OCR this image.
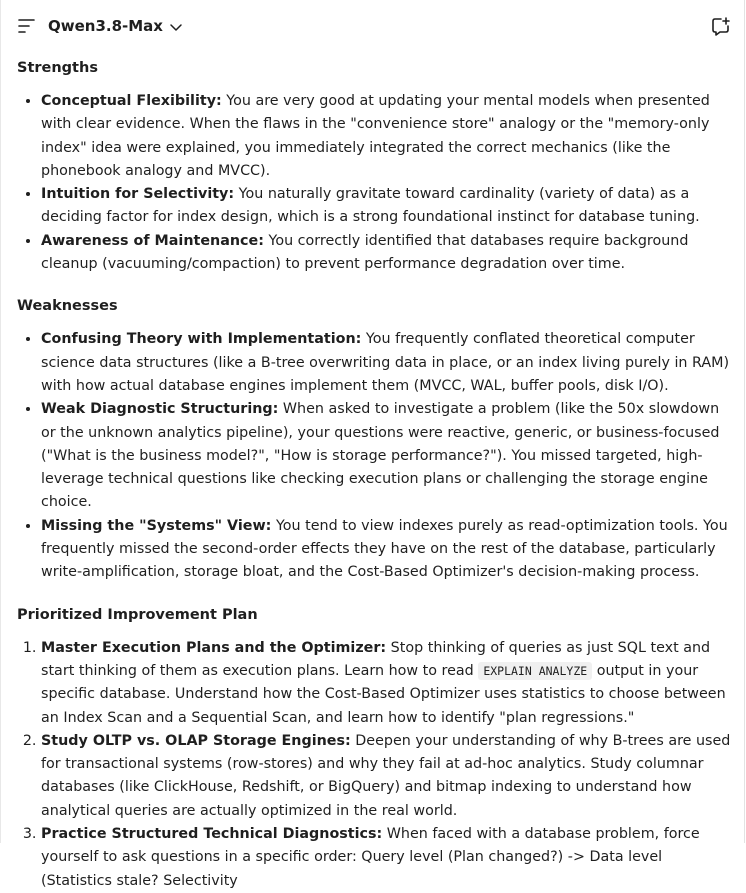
Qwen3.8-Max
Strengths
• Conceptual Flexibility: You are very good at updating your mental models when presented with clear evidence. When the flaws in the "convenience store" analogy or the "memory-only index" idea were explained, you immediately integrated the correct mechanics (like the phonebook analogy and MVCC).
• Intuition for Selectivity: You naturally gravitate toward cardinality (variety of data) as a deciding factor for index design, which is a strong foundational instinct for database tuning.
• Awareness of Maintenance: You correctly identified that databases require background cleanup (vacuuming/compaction) to prevent performance degradation over time.
Weaknesses
• Confusing Theory with Implementation: You frequently conflated theoretical computer science data structures (like a B-tree overwriting data in place, or an index living purely in RAM) with how actual database engines implement them (MVCC, WAL, buffer pools, disk I/O).
• Weak Diagnostic Structuring: When asked to investigate a problem (like the 50x slowdown or the unknown analytics pipeline), your questions were reactive, generic, or business-focused ("What is the business model?", "How is storage performance?"). You missed targeted, high-leverage technical questions like checking execution plans or challenging the storage engine choice.
• Missing the "Systems" View: You tend to view indexes purely as read-optimization tools. You frequently missed the second-order effects they have on the rest of the database, particularly write-amplification, storage bloat, and the Cost-Based Optimizer's decision-making process.
Prioritized Improvement Plan
1. Master Execution Plans and the Optimizer: Stop thinking of queries as just SQL text and start thinking of them as execution plans. Learn how to read EXPLAIN ANALYZE output in your specific database. Understand how the Cost-Based Optimizer uses statistics to choose between an Index Scan and a Sequential Scan, and learn how to identify "plan regressions."
2. Study OLTP vs. OLAP Storage Engines: Deepen your understanding of why B-trees are used for transactional systems (row-stores) and why they fail at ad-hoc analytics. Study columnar databases (like ClickHouse, Redshift, or BigQuery) and bitmap indexing to understand how analytical queries are actually optimized in the real world.
3. Practice Structured Technical Diagnostics: When faced with a database problem, force yourself to ask questions in a specific order: Query level (Plan changed?) -> Data level (Statistics stale? Selectivity
